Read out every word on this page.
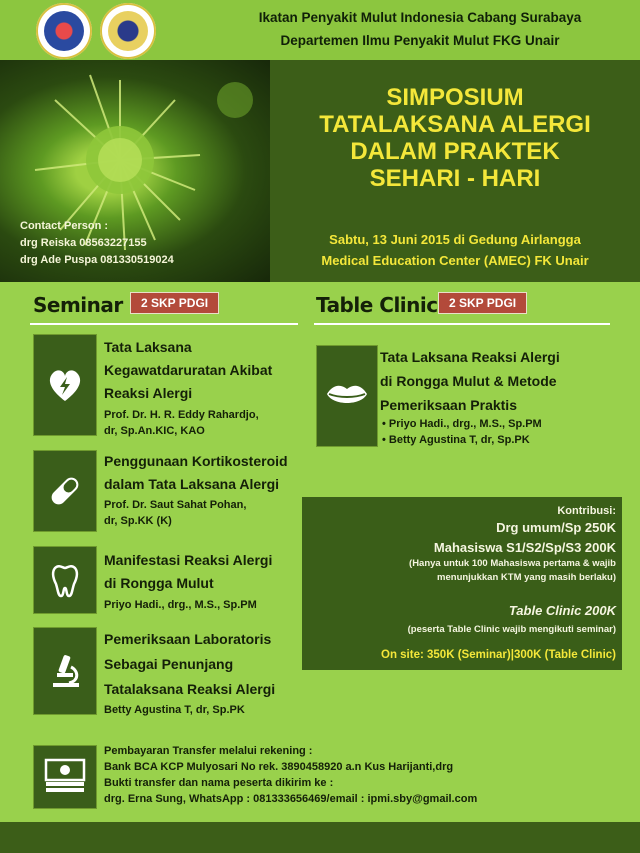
Ikatan Penyakit Mulut Indonesia Cabang Surabaya
Departemen Ilmu Penyakit Mulut FKG Unair
SIMPOSIUM
TATALAKSANA ALERGI
DALAM PRAKTEK
SEHARI - HARI
Sabtu, 13 Juni 2015 di Gedung Airlangga
Medical Education Center (AMEC) FK Unair
Contact Person :
drg Reiska 08563227155
drg Ade Puspa 081330519024
Seminar	2 SKP PDGI	Table Clinic 2 SKP PDGI
Tata Laksana
Kegawatdaruratan Akibat
Reaksi Alergi
Prof. Dr. H. R. Eddy Rahardjo,
dr, Sp.An.KIC, KAO
Penggunaan Kortikosteroid
dalam Tata Laksana Alergi
Prof. Dr. Saut Sahat Pohan,
dr, Sp.KK (K)
Manifestasi Reaksi Alergi
di Rongga Mulut
Priyo Hadi., drg., M.S., Sp.PM
Pemeriksaan Laboratoris
Sebagai Penunjang
Tatalaksana Reaksi Alergi
Betty Agustina T, dr, Sp.PK
Tata Laksana Reaksi Alergi
di Rongga Mulut & Metode
Pemeriksaan Praktis
• Priyo Hadi., drg., M.S., Sp.PM
• Betty Agustina T, dr, Sp.PK
Kontribusi:
Drg umum/Sp 250K
Mahasiswa S1/S2/Sp/S3 200K
(Hanya untuk 100 Mahasiswa pertama & wajib
menunjukkan KTM yang masih berlaku)
Table Clinic 200K
(peserta Table Clinic wajib mengikuti seminar)
On site: 350K (Seminar)|300K (Table Clinic)
Pembayaran Transfer melalui rekening :
Bank BCA KCP Mulyosari No rek. 3890458920 a.n Kus Harijanti,drg
Bukti transfer dan nama peserta dikirim ke :
drg. Erna Sung, WhatsApp : 081333656469/email : ipmi.sby@gmail.com
